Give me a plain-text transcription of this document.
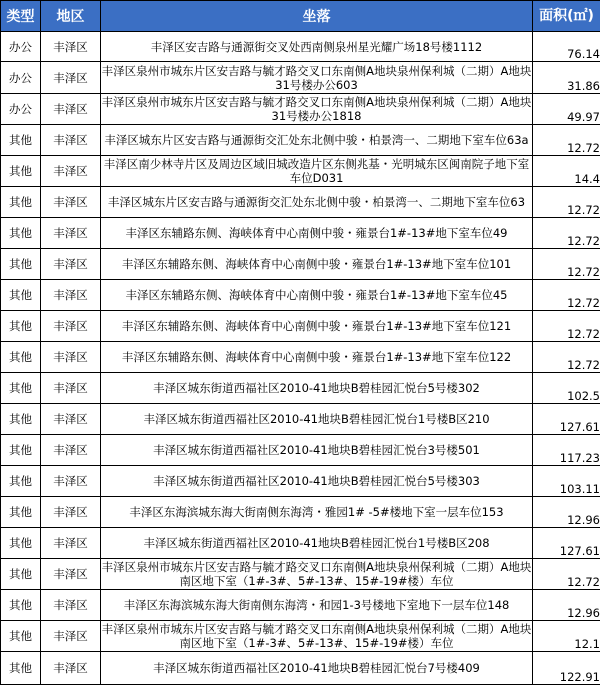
类型	地区	坐落	面积(㎡)
办公	丰泽区	丰泽区安吉路与通源街交叉处西南侧泉州星光耀广场18号楼1112	76.14
办公	丰泽区	丰泽区泉州市城东片区安吉路与毓才路交叉口东南侧A地块泉州保利城（二期）A地块31号楼办公603	31.86
办公	丰泽区	丰泽区泉州市城东片区安吉路与毓才路交叉口东南侧A地块泉州保利城（二期）A地块31号楼办公1818	49.97
其他	丰泽区	丰泽区城东片区安吉路与通源街交汇处东北侧中骏・柏景湾一、二期地下室车位63a	12.72
其他	丰泽区	丰泽区南少林寺片区及周边区域旧城改造片区东侧兆基・光明城东区闽南院子地下室车位D031	14.4
其他	丰泽区	丰泽区城东片区安吉路与通源街交汇处东北侧中骏・柏景湾一、二期地下室车位63	12.72
其他	丰泽区	丰泽区东辅路东侧、海峡体育中心南侧中骏・雍景台1#-13#地下室车位49	12.72
其他	丰泽区	丰泽区东辅路东侧、海峡体育中心南侧中骏・雍景台1#-13#地下室车位101	12.72
其他	丰泽区	丰泽区东辅路东侧、海峡体育中心南侧中骏・雍景台1#-13#地下室车位45	12.72
其他	丰泽区	丰泽区东辅路东侧、海峡体育中心南侧中骏・雍景台1#-13#地下室车位121	12.72
其他	丰泽区	丰泽区东辅路东侧、海峡体育中心南侧中骏・雍景台1#-13#地下室车位122	12.72
其他	丰泽区	丰泽区城东街道西福社区2010-41地块B碧桂园汇悦台5号楼302	102.5
其他	丰泽区	丰泽区城东街道西福社区2010-41地块B碧桂园汇悦台1号楼B区210	127.61
其他	丰泽区	丰泽区城东街道西福社区2010-41地块B碧桂园汇悦台3号楼501	117.23
其他	丰泽区	丰泽区城东街道西福社区2010-41地块B碧桂园汇悦台5号楼303	103.11
其他	丰泽区	丰泽区东海滨城东海大街南侧东海湾・雅园1# -5#楼地下室一层车位153	12.96
其他	丰泽区	丰泽区城东街道西福社区2010-41地块B碧桂园汇悦台1号楼B区208	127.61
其他	丰泽区	丰泽区泉州市城东片区安吉路与毓才路交叉口东南侧A地块泉州保利城（二期）A地块南区地下室（1#-3#、5#-13#、15#-19#楼）车位	12.72
其他	丰泽区	丰泽区东海滨城东海大街南侧东海湾・和园1-3号楼地下室地下一层车位148	12.96
其他	丰泽区	丰泽区泉州市城东片区安吉路与毓才路交叉口东南侧A地块泉州保利城（二期）A地块南区地下室（1#-3#、5#-13#、15#-19#楼）车位	12.1
其他	丰泽区	丰泽区城东街道西福社区2010-41地块B碧桂园汇悦台7号楼409	122.91
